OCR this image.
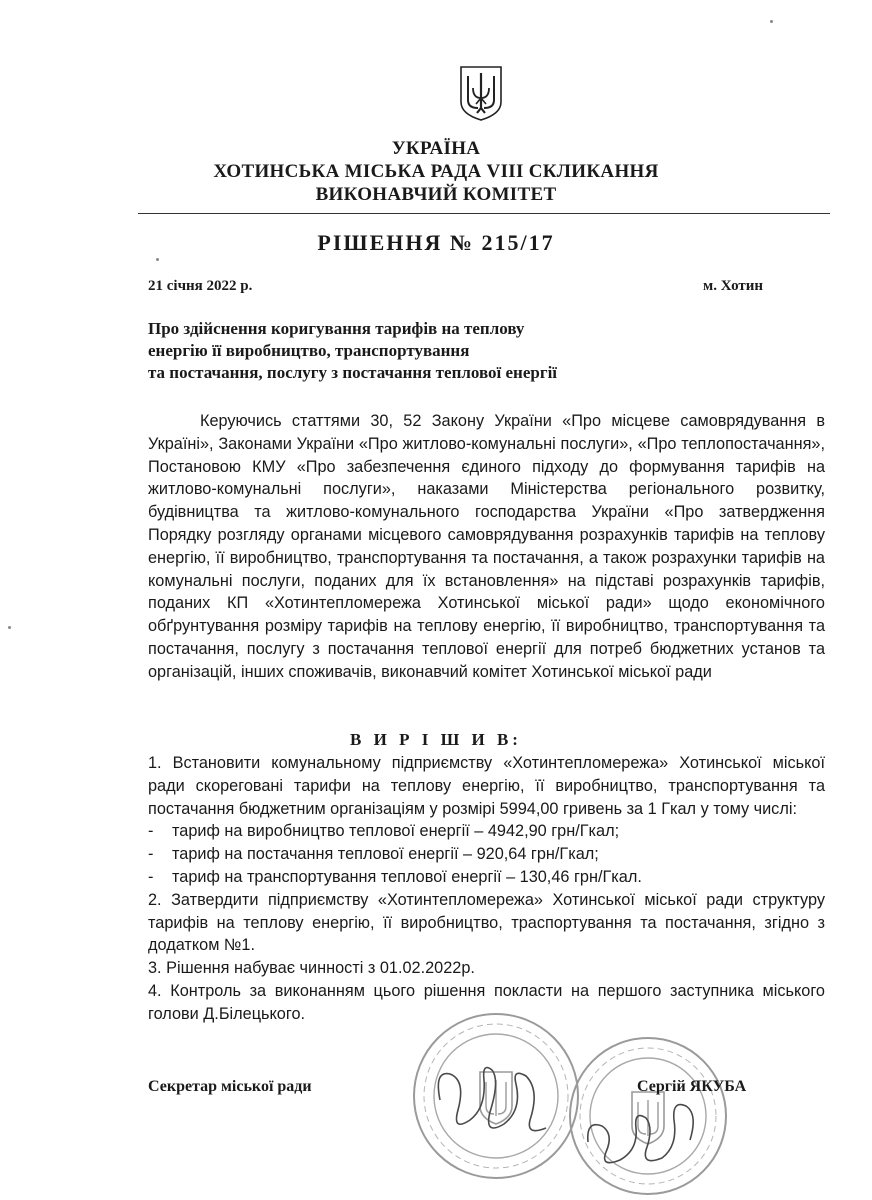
УКРАЇНА
ХОТИНСЬКА МІСЬКА РАДА VIII СКЛИКАННЯ
ВИКОНАВЧИЙ КОМІТЕТ
РІШЕННЯ № 215/17
21 січня 2022 р.	м. Хотин
Про здійснення коригування тарифів на теплову
енергію її виробництво, транспортування
та постачання, послугу з постачання теплової енергії

Керуючись статтями 30, 52 Закону України «Про місцеве самоврядування в Україні», Законами України «Про житлово-комунальні послуги», «Про теплопостачання», Постановою КМУ «Про забезпечення єдиного підходу до формування тарифів на житлово-комунальні послуги», наказами Міністерства регіонального розвитку, будівництва та житлово-комунального господарства України «Про затвердження Порядку розгляду органами місцевого самоврядування розрахунків тарифів на теплову енергію, її виробництво, транспортування та постачання, а також розрахунки тарифів на комунальні послуги, поданих для їх встановлення» на підставі розрахунків тарифів, поданих КП «Хотинтепломережа Хотинської міської ради» щодо економічного обґрунтування розміру тарифів на теплову енергію, її виробництво, транспортування та постачання, послугу з постачання теплової енергії для потреб бюджетних установ та організацій, інших споживачів, виконавчий комітет Хотинської міської ради

В И Р І Ш И В:

1. Встановити комунальному підприємству «Хотинтепломережа» Хотинської міської ради скореговані тарифи на теплову енергію, її виробництво, транспортування та постачання бюджетним організаціям у розмірі 5994,00 гривень за 1 Гкал у тому числі:

- тариф на виробництво теплової енергії – 4942,90 грн/Гкал;
- тариф на постачання теплової енергії – 920,64 грн/Гкал;
- тариф на транспортування теплової енергії – 130,46 грн/Гкал.

2. Затвердити підприємству «Хотинтепломережа» Хотинської міської ради структуру тарифів на теплову енергію, її виробництво, траспортування та постачання, згідно з додатком №1.

3. Рішення набуває чинності з 01.02.2022р.

4. Контроль за виконанням цього рішення покласти на першого заступника міського голови Д.Білецького.

Секретар міської ради	Сергій ЯКУБА
